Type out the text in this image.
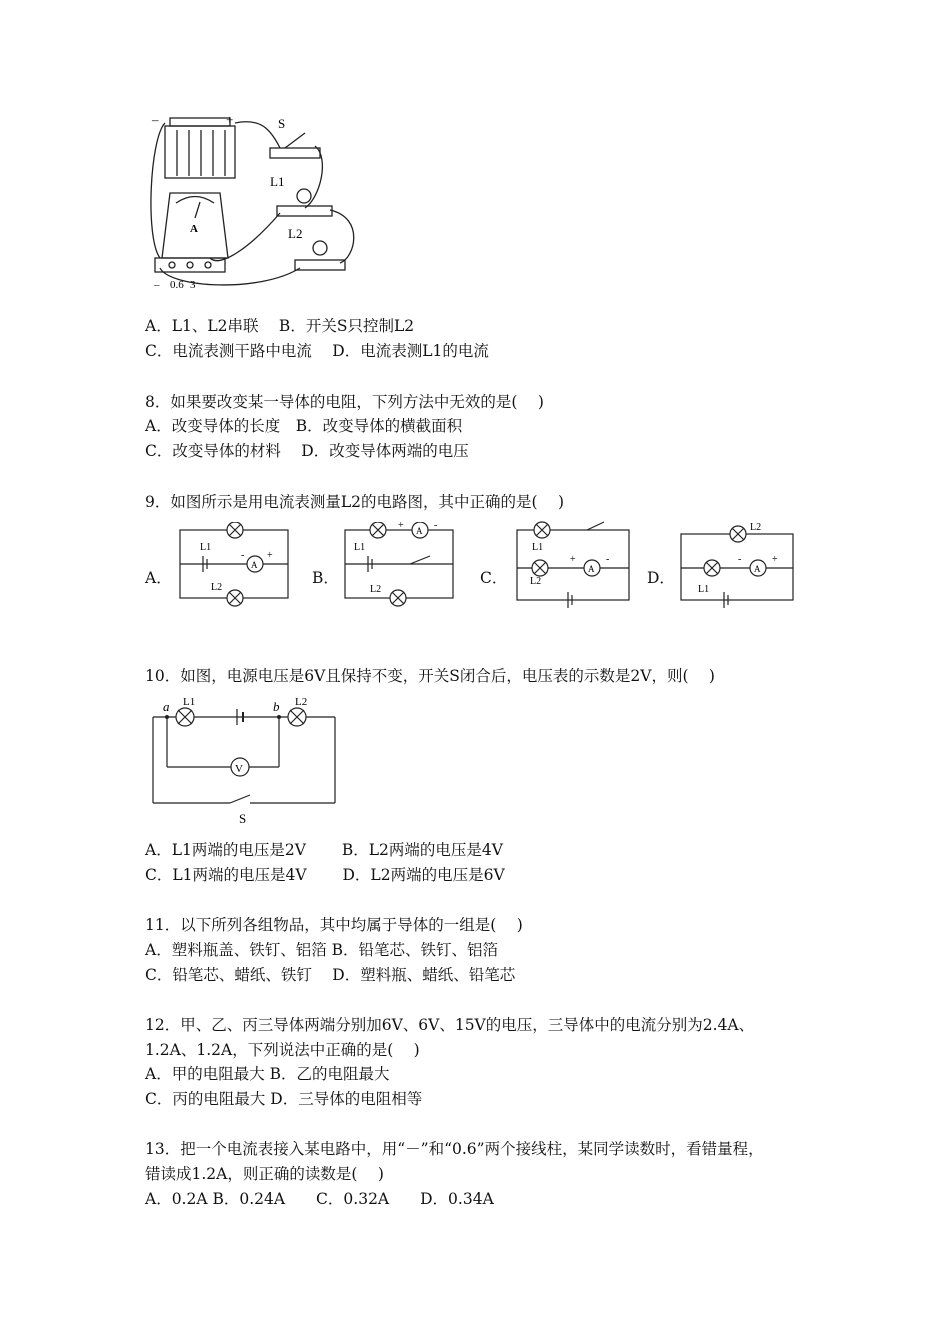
–	+	S
L1
L2
A
– 0.6 3
A．L1、L2串联　 B．开关S只控制L2
C．电流表测干路中电流　 D．电流表测L1的电流
8．如果要改变某一导体的电阻，下列方法中无效的是(　 )
A．改变导体的长度　B．改变导体的横截面积
C．改变导体的材料　 D．改变导体两端的电压
9．如图所示是用电流表测量L2的电路图，其中正确的是(　 )
A．
L1
L2
A
- +
B．
L1
L2
A
+	-
C．
L1
L2
A
+	-
D．
L2
L1
A
-	+
10．如图，电源电压是6V且保持不变，开关S闭合后，电压表的示数是2V，则(　 )
a	b
L1	L2
V
S
A．L1两端的电压是2V　　 B．L2两端的电压是4V
C．L1两端的电压是4V　　 D．L2两端的电压是6V
11．以下所列各组物品，其中均属于导体的一组是(　 )
A．塑料瓶盖、铁钉、铝箔 B．铅笔芯、铁钉、铝箔
C．铅笔芯、蜡纸、铁钉　 D．塑料瓶、蜡纸、铅笔芯
12．甲、乙、丙三导体两端分别加6V、6V、15V的电压，三导体中的电流分别为2.4A、
1.2A、1.2A，下列说法中正确的是(　 )
A．甲的电阻最大 B．乙的电阻最大
C．丙的电阻最大 D．三导体的电阻相等
13．把一个电流表接入某电路中，用“－”和“0.6”两个接线柱，某同学读数时，看错量程，
错读成1.2A，则正确的读数是(　 )
A．0.2A B．0.24A　　C．0.32A　　D．0.34A
